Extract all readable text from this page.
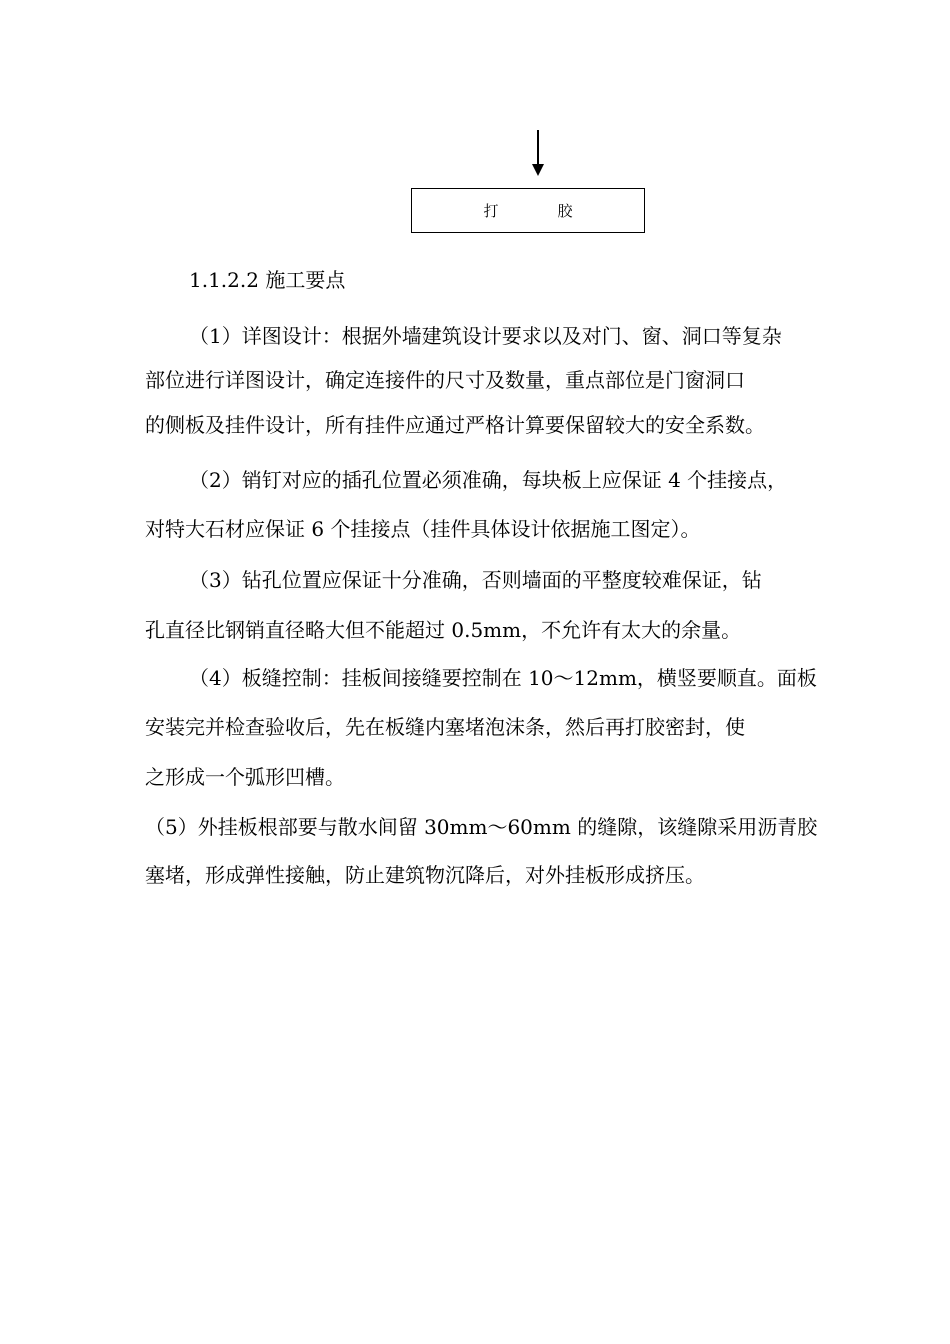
打　胶
1.1.2.2 施工要点
（1）详图设计：根据外墙建筑设计要求以及对门、窗、洞口等复杂
部位进行详图设计，确定连接件的尺寸及数量，重点部位是门窗洞口
的侧板及挂件设计，所有挂件应通过严格计算要保留较大的安全系数。
（2）销钉对应的插孔位置必须准确，每块板上应保证 4 个挂接点，
对特大石材应保证 6 个挂接点（挂件具体设计依据施工图定）。
（3）钻孔位置应保证十分准确，否则墙面的平整度较难保证，钻
孔直径比钢销直径略大但不能超过 0.5mm，不允许有太大的余量。
（4）板缝控制：挂板间接缝要控制在 10～12mm，横竖要顺直。面板
安装完并检查验收后，先在板缝内塞堵泡沫条，然后再打胶密封，使
之形成一个弧形凹槽。
（5）外挂板根部要与散水间留 30mm～60mm 的缝隙，该缝隙采用沥青胶
塞堵，形成弹性接触，防止建筑物沉降后，对外挂板形成挤压。
